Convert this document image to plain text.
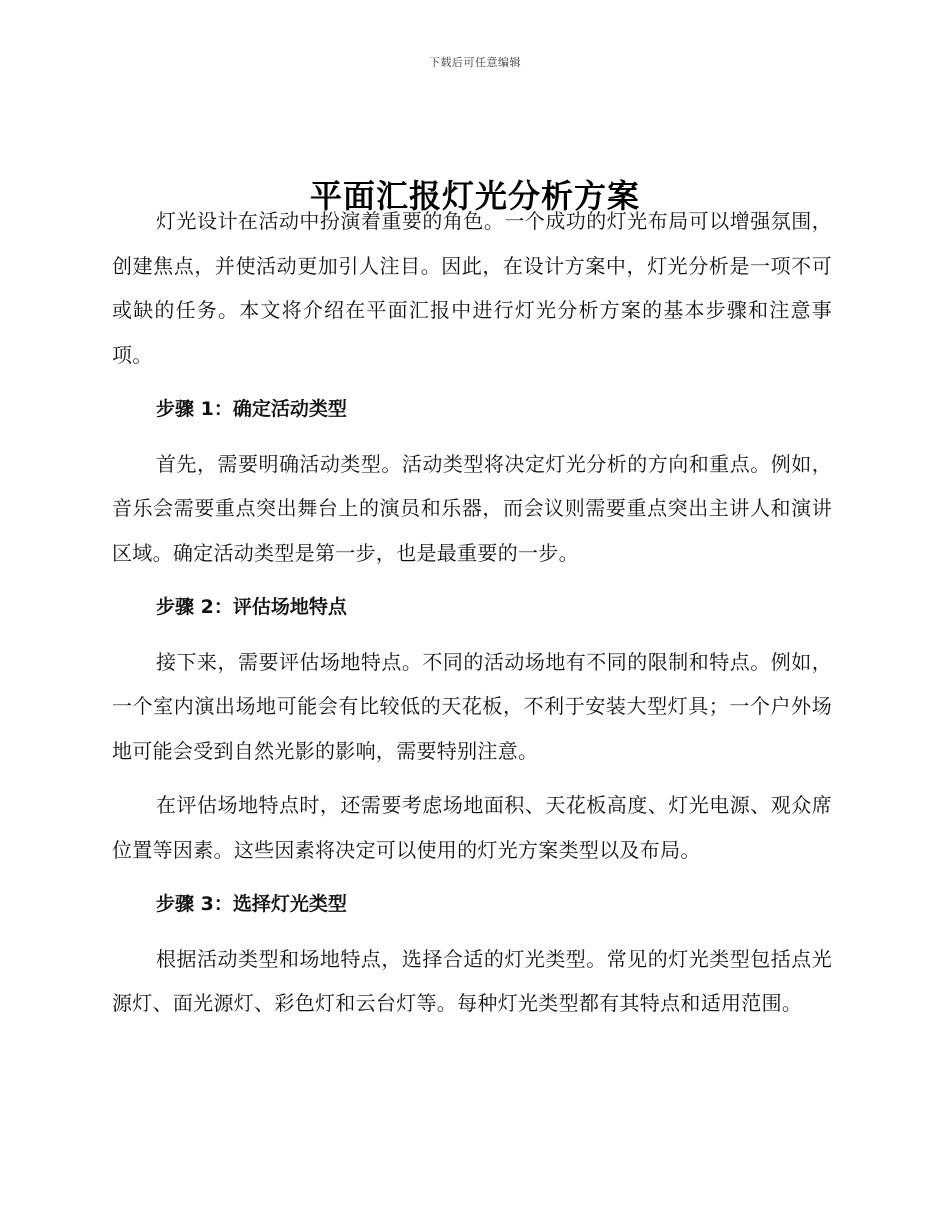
下载后可任意编辑
平面汇报灯光分析方案

灯光设计在活动中扮演着重要的角色。一个成功的灯光布局可以增强氛围，创建焦点，并使活动更加引人注目。因此，在设计方案中，灯光分析是一项不可或缺的任务。本文将介绍在平面汇报中进行灯光分析方案的基本步骤和注意事项。

步骤 1：确定活动类型

首先，需要明确活动类型。活动类型将决定灯光分析的方向和重点。例如，音乐会需要重点突出舞台上的演员和乐器，而会议则需要重点突出主讲人和演讲区域。确定活动类型是第一步，也是最重要的一步。

步骤 2：评估场地特点

接下来，需要评估场地特点。不同的活动场地有不同的限制和特点。例如，一个室内演出场地可能会有比较低的天花板，不利于安装大型灯具；一个户外场地可能会受到自然光影的影响，需要特别注意。

在评估场地特点时，还需要考虑场地面积、天花板高度、灯光电源、观众席位置等因素。这些因素将决定可以使用的灯光方案类型以及布局。

步骤 3：选择灯光类型

根据活动类型和场地特点，选择合适的灯光类型。常见的灯光类型包括点光源灯、面光源灯、彩色灯和云台灯等。每种灯光类型都有其特点和适用范围。
